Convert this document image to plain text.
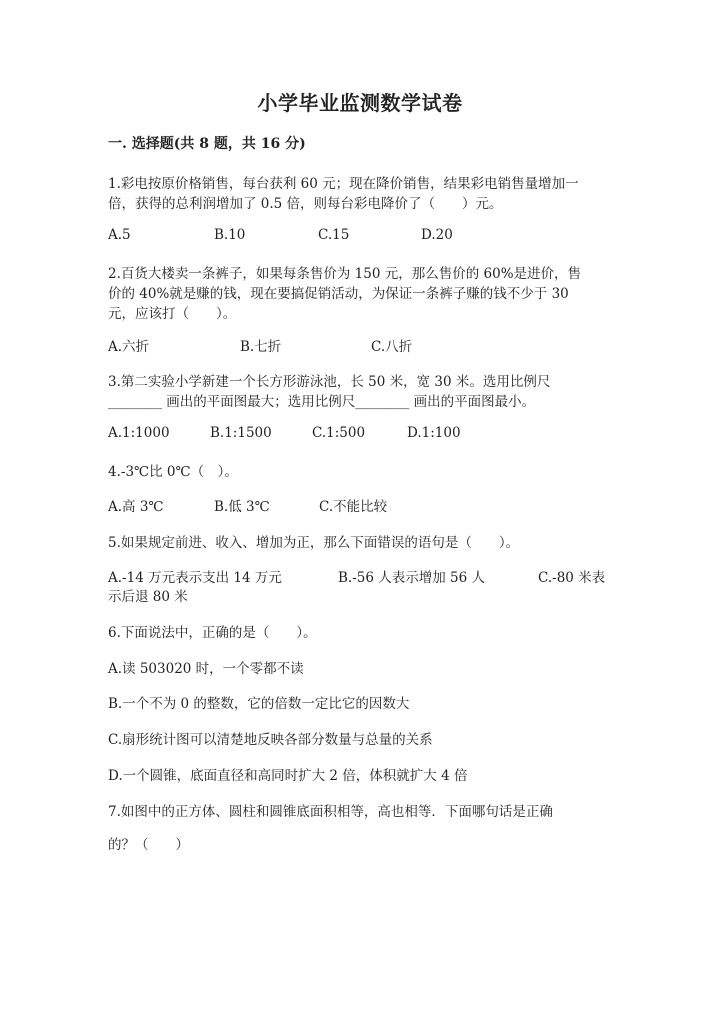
小学毕业监测数学试卷
一. 选择题(共 8 题，共 16 分)
1.彩电按原价格销售，每台获利 60 元；现在降价销售，结果彩电销售量增加一
倍，获得的总利润增加了 0.5 倍，则每台彩电降价了（　　）元。
A.5	B.10	C.15	D.20
2.百货大楼卖一条裤子，如果每条售价为 150 元，那么售价的 60%是进价，售
价的 40%就是赚的钱，现在要搞促销活动，为保证一条裤子赚的钱不少于 30
元，应该打（　　）。
A.六折	B.七折	C.八折
3.第二实验小学新建一个长方形游泳池，长 50 米，宽 30 米。选用比例尺
________ 画出的平面图最大；选用比例尺________ 画出的平面图最小。
A.1:1000	B.1:1500	C.1:500	D.1:100
4.-3℃比 0℃（　）。
A.高 3℃	B.低 3℃	C.不能比较
5.如果规定前进、收入、增加为正，那么下面错误的语句是（　　）。
A.-14 万元表示支出 14 万元	B.-56 人表示增加 56 人	C.-80 米表
示后退 80 米
6.下面说法中，正确的是（　　）。
A.读 503020 时，一个零都不读
B.一个不为 0 的整数，它的倍数一定比它的因数大
C.扇形统计图可以清楚地反映各部分数量与总量的关系
D.一个圆锥，底面直径和高同时扩大 2 倍，体积就扩大 4 倍
7.如图中的正方体、圆柱和圆锥底面积相等，高也相等．下面哪句话是正确
的？（　　）
